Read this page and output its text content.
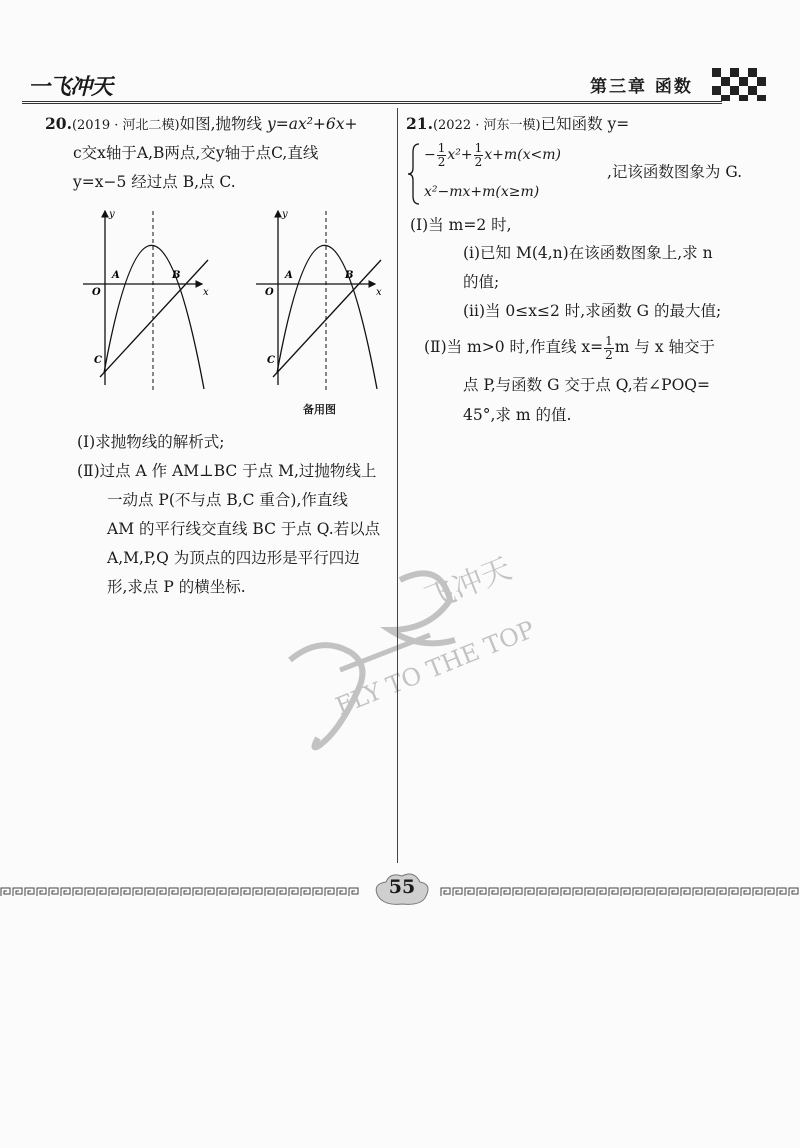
一飞冲天	第三章 函数
20.(2019 · 河北二模)如图,抛物线 y=ax²+6x+
c交x轴于A,B两点,交y轴于点C,直线
y=x−5 经过点 B,点 C.
y
x
O
A	B
C
y
x
O
A	B
C
备用图
(Ⅰ)求抛物线的解析式;
(Ⅱ)过点 A 作 AM⊥BC 于点 M,过抛物线上
一动点 P(不与点 B,C 重合),作直线
AM 的平行线交直线 BC 于点 Q.若以点
A,M,P,Q 为顶点的四边形是平行四边
形,求点 P 的横坐标.
21.(2022 · 河东一模)已知函数 y=
− $\frac{1}{2} x^2+ \frac{1}{2} x+m(x<m)$
x²−mx+m(x≥m)
,记该函数图象为 G.
(Ⅰ)当 m=2 时,
(ⅰ)已知 M(4,n)在该函数图象上,求 n
的值;
(ⅱ)当 0≤x≤2 时,求函数 G 的最大值;
(Ⅱ)当 m>0 时,作直线 $x= \frac{1}{2}$ m 与 x 轴交于
点 P,与函数 G 交于点 Q,若∠POQ=
45°,求 m 的值.
飞冲天
FLY TO THE TOP
55
